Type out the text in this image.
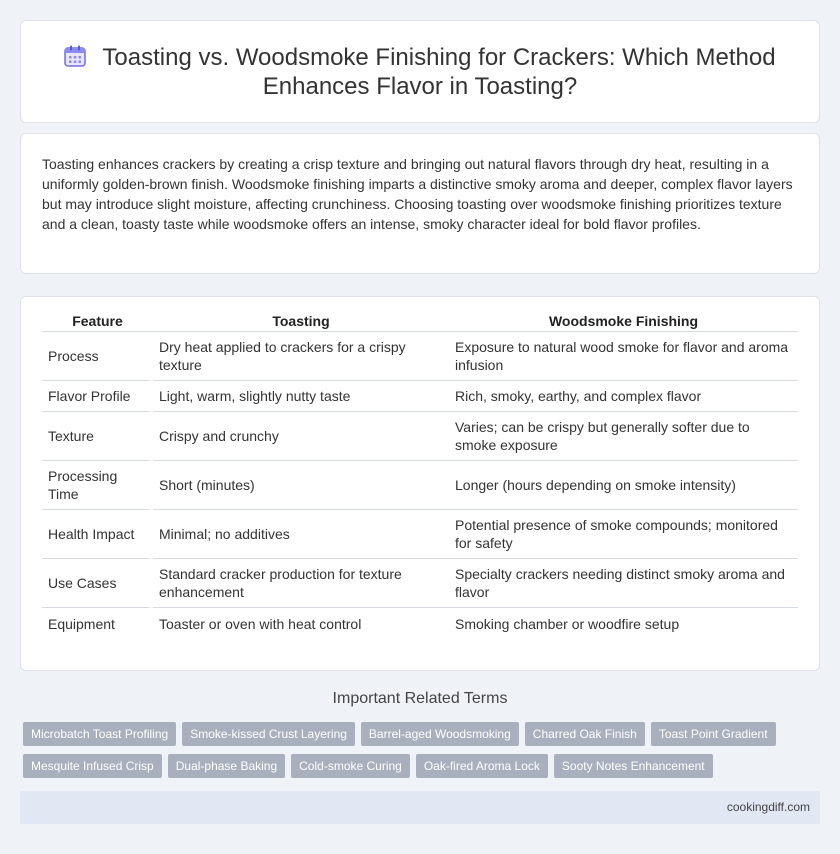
Toasting vs. Woodsmoke Finishing for Crackers: Which Method Enhances Flavor in Toasting?

Toasting enhances crackers by creating a crisp texture and bringing out natural flavors through dry heat, resulting in a uniformly golden-brown finish. Woodsmoke finishing imparts a distinctive smoky aroma and deeper, complex flavor layers but may introduce slight moisture, affecting crunchiness. Choosing toasting over woodsmoke finishing prioritizes texture and a clean, toasty taste while woodsmoke offers an intense, smoky character ideal for bold flavor profiles.

Feature	Toasting	Woodsmoke Finishing
Process	Dry heat applied to crackers for a crispy texture	Exposure to natural wood smoke for flavor and aroma infusion
Flavor Profile	Light, warm, slightly nutty taste	Rich, smoky, earthy, and complex flavor
Texture	Crispy and crunchy	Varies; can be crispy but generally softer due to smoke exposure
Processing Time	Short (minutes)	Longer (hours depending on smoke intensity)
Health Impact	Minimal; no additives	Potential presence of smoke compounds; monitored for safety
Use Cases	Standard cracker production for texture enhancement	Specialty crackers needing distinct smoky aroma and flavor
Equipment	Toaster or oven with heat control	Smoking chamber or woodfire setup
Important Related Terms
Microbatch Toast Profiling	Smoke-kissed Crust Layering	Barrel-aged Woodsmoking	Charred Oak Finish	Toast Point Gradient
Mesquite Infused Crisp	Dual-phase Baking	Cold-smoke Curing	Oak-fired Aroma Lock	Sooty Notes Enhancement
cookingdiff.com
